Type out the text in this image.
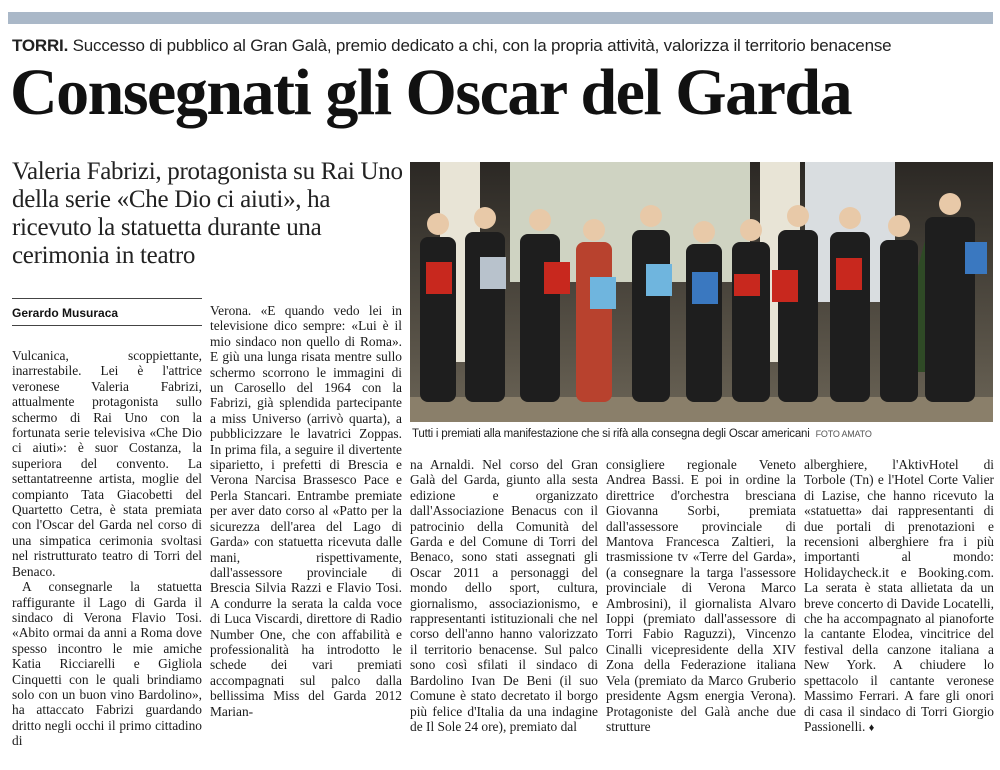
TORRI. Successo di pubblico al Gran Galà, premio dedicato a chi, con la propria attività, valorizza il territorio benacense
Consegnati gli Oscar del Garda
Valeria Fabrizi, protagonista su Rai Uno della serie «Che Dio ci aiuti», ha ricevuto la statuetta durante una cerimonia in teatro
Gerardo Musuraca

Vulcanica, scoppiettante, inarrestabile. Lei è l'attrice veronese Valeria Fabrizi, attualmente protagonista sullo schermo di Rai Uno con la fortunata serie televisiva «Che Dio ci aiuti»: è suor Costanza, la superiora del convento. La settantatreenne artista, moglie del compianto Tata Giacobetti del Quartetto Cetra, è stata premiata con l'Oscar del Garda nel corso di una simpatica cerimonia svoltasi nel ristrutturato teatro di Torri del Benaco.

A consegnarle la statuetta raffigurante il Lago di Garda il sindaco di Verona Flavio Tosi. «Abito ormai da anni a Roma dove spesso incontro le mie amiche Katia Ricciarelli e Gigliola Cinquetti con le quali brindiamo solo con un buon vino Bardolino», ha attaccato Fabrizi guardando dritto negli occhi il primo cittadino di

Verona. «E quando vedo lei in televisione dico sempre: «Lui è il mio sindaco non quello di Roma». E giù una lunga risata mentre sullo schermo scorrono le immagini di un Carosello del 1964 con la Fabrizi, già splendida partecipante a miss Universo (arrivò quarta), a pubblicizzare le lavatrici Zoppas. In prima fila, a seguire il divertente siparietto, i prefetti di Brescia e Verona Narcisa Brassesco Pace e Perla Stancari. Entrambe premiate per aver dato corso al «Patto per la sicurezza dell'area del Lago di Garda» con statuetta ricevuta dalle mani, rispettivamente, dall'assessore provinciale di Brescia Silvia Razzi e Flavio Tosi. A condurre la serata la calda voce di Luca Viscardi, direttore di Radio Number One, che con affabilità e professionalità ha introdotto le schede dei vari premiati accompagnati sul palco dalla bellissima Miss del Garda 2012 Marian-

Tutti i premiati alla manifestazione che si rifà alla consegna degli Oscar americani FOTO AMATO

na Arnaldi. Nel corso del Gran Galà del Garda, giunto alla sesta edizione e organizzato dall'Associazione Benacus con il patrocinio della Comunità del Garda e del Comune di Torri del Benaco, sono stati assegnati gli Oscar 2011 a personaggi del mondo dello sport, cultura, giornalismo, associazionismo, e rappresentanti istituzionali che nel corso dell'anno hanno valorizzato il territorio benacense. Sul palco sono così sfilati il sindaco di Bardolino Ivan De Beni (il suo Comune è stato decretato il borgo più felice d'Italia da una indagine de Il Sole 24 ore), premiato dal

consigliere regionale Veneto Andrea Bassi. E poi in ordine la direttrice d'orchestra bresciana Giovanna Sorbi, premiata dall'assessore provinciale di Mantova Francesca Zaltieri, la trasmissione tv «Terre del Garda», (a consegnare la targa l'assessore provinciale di Verona Marco Ambrosini), il giornalista Alvaro Ioppi (premiato dall'assessore di Torri Fabio Raguzzi), Vincenzo Cinalli vicepresidente della XIV Zona della Federazione italiana Vela (premiato da Marco Gruberio presidente Agsm energia Verona). Protagoniste del Galà anche due strutture

alberghiere, l'AktivHotel di Torbole (Tn) e l'Hotel Corte Valier di Lazise, che hanno ricevuto la «statuetta» dai rappresentanti di due portali di prenotazioni e recensioni alberghiere fra i più importanti al mondo: Holidaycheck.it e Booking.com. La serata è stata allietata da un breve concerto di Davide Locatelli, che ha accompagnato al pianoforte la cantante Elodea, vincitrice del festival della canzone italiana a New York. A chiudere lo spettacolo il cantante veronese Massimo Ferrari. A fare gli onori di casa il sindaco di Torri Giorgio Passionelli. ♦
